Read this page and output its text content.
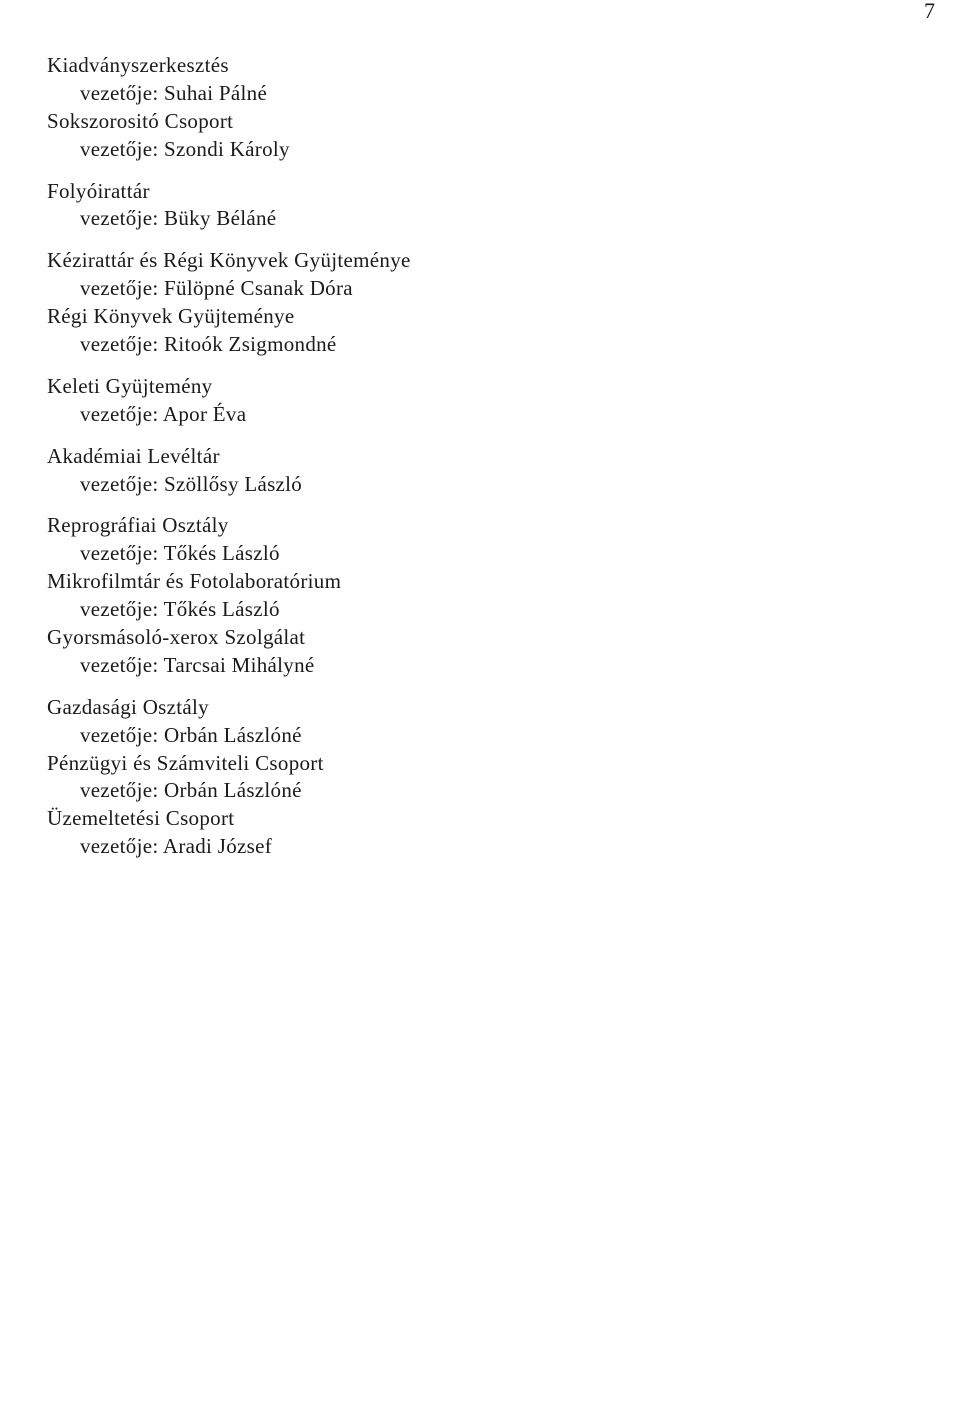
7
Kiadványszerkesztés
vezetője: Suhai Pálné
Sokszorositó Csoport
vezetője: Szondi Károly
Folyóirattár
vezetője: Büky Béláné
Kézirattár és Régi Könyvek Gyüjteménye
vezetője: Fülöpné Csanak Dóra
Régi Könyvek Gyüjteménye
vezetője: Ritoók Zsigmondné
Keleti Gyüjtemény
vezetője: Apor Éva
Akadémiai Levéltár
vezetője: Szöllősy László
Reprográfiai Osztály
vezetője: Tőkés László
Mikrofilmtár és Fotolaboratórium
vezetője: Tőkés László
Gyorsmásoló-xerox Szolgálat
vezetője: Tarcsai Mihályné
Gazdasági Osztály
vezetője: Orbán Lászlóné
Pénzügyi és Számviteli Csoport
vezetője: Orbán Lászlóné
Üzemeltetési Csoport
vezetője: Aradi József
